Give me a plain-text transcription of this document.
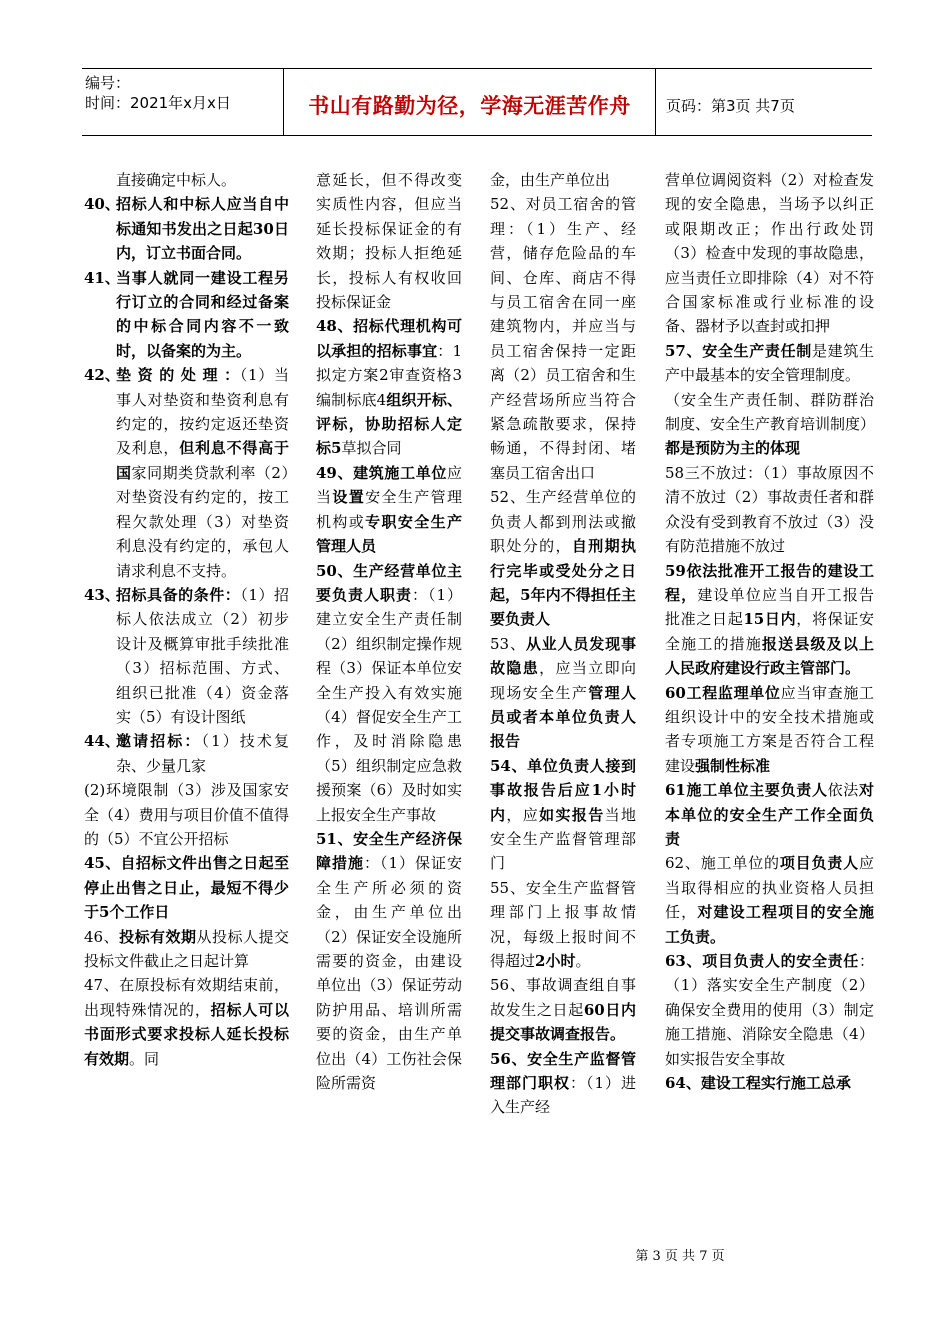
编号：
时间：2021年x月x日	书山有路勤为径，学海无涯苦作舟	页码：第3页 共7页

直接确定中标人。

40、
招标人和中标人应当自中标通知书发出之日起30日内，订立书面合同。
41、
当事人就同一建设工程另行订立的合同和经过备案的中标合同内容不一致时，以备案的为主。
42、
垫 资 的 处 理 ：（1）当事人对垫资和垫资利息有约定的，按约定返还垫资及利息，但利息不得高于国家同期类贷款利率（2）对垫资没有约定的，按工程欠款处理（3）对垫资利息没有约定的，承包人请求利息不支持。
43、
招标具备的条件：（1）招标人依法成立（2）初步设计及概算审批手续批准（3）招标范围、方式、组织已批准（4）资金落实（5）有设计图纸
44、
邀请招标：（1）技术复杂、少量几家

(2)环境限制（3）涉及国家安全（4）费用与项目价值不值得的（5）不宜公开招标

45、自招标文件出售之日起至停止出售之日止，最短不得少于5个工作日

46、投标有效期从投标人提交投标文件截止之日起计算

47、在原投标有效期结束前，出现特殊情况的，招标人可以书面形式要求投标人延长投标有效期。同

意延长，但不得改变实质性内容，但应当延长投标保证金的有效期；投标人拒绝延长，投标人有权收回投标保证金

48、招标代理机构可以承担的招标事宜：1拟定方案2审查资格3编制标底4组织开标、评标，协助招标人定标5草拟合同

49、建筑施工单位应当设置安全生产管理机构或专职安全生产管理人员

50、生产经营单位主要负责人职责：（1）建立安全生产责任制（2）组织制定操作规程（3）保证本单位安全生产投入有效实施（4）督促安全生产工作，及时消除隐患（5）组织制定应急救援预案（6）及时如实上报安全生产事故

51、安全生产经济保障措施：（1）保证安全生产所必须的资金，由生产单位出（2）保证安全设施所需要的资金，由建设单位出（3）保证劳动防护用品、培训所需要的资金，由生产单位出（4）工伤社会保险所需资

金，由生产单位出

52、对员工宿舍的管理：（1）生产、经营，储存危险品的车间、仓库、商店不得与员工宿舍在同一座建筑物内，并应当与员工宿舍保持一定距离（2）员工宿舍和生产经营场所应当符合紧急疏散要求，保持畅通，不得封闭、堵塞员工宿舍出口

52、生产经营单位的负责人都到刑法或撤职处分的，自刑期执行完毕或受处分之日起，5年内不得担任主要负责人

53、从业人员发现事故隐患，应当立即向现场安全生产管理人员或者本单位负责人报告

54、单位负责人接到事故报告后应1小时内，应如实报告当地安全生产监督管理部门

55、安全生产监督管理部门上报事故情况，每级上报时间不得超过2小时。

56、事故调查组自事故发生之日起60日内提交事故调查报告。

56、安全生产监督管理部门职权：（1）进入生产经

营单位调阅资料（2）对检查发现的安全隐患，当场予以纠正或限期改正；作出行政处罚（3）检查中发现的事故隐患，应当责任立即排除（4）对不符合国家标准或行业标准的设备、器材予以查封或扣押

57、安全生产责任制是建筑生产中最基本的安全管理制度。

（安全生产责任制、群防群治制度、安全生产教育培训制度）都是预防为主的体现

58三不放过：（1）事故原因不清不放过（2）事故责任者和群众没有受到教育不放过（3）没有防范措施不放过

59依法批准开工报告的建设工程，建设单位应当自开工报告批准之日起15日内，将保证安全施工的措施报送县级及以上人民政府建设行政主管部门。

60工程监理单位应当审查施工组织设计中的安全技术措施或者专项施工方案是否符合工程建设强制性标准

61施工单位主要负责人依法对本单位的安全生产工作全面负责

62、施工单位的项目负责人应当取得相应的执业资格人员担任，对建设工程项目的安全施工负责。

63、项目负责人的安全责任：（1）落实安全生产制度（2）确保安全费用的使用（3）制定施工措施、消除安全隐患（4）如实报告安全事故

64、建设工程实行施工总承

第 3 页 共 7 页
